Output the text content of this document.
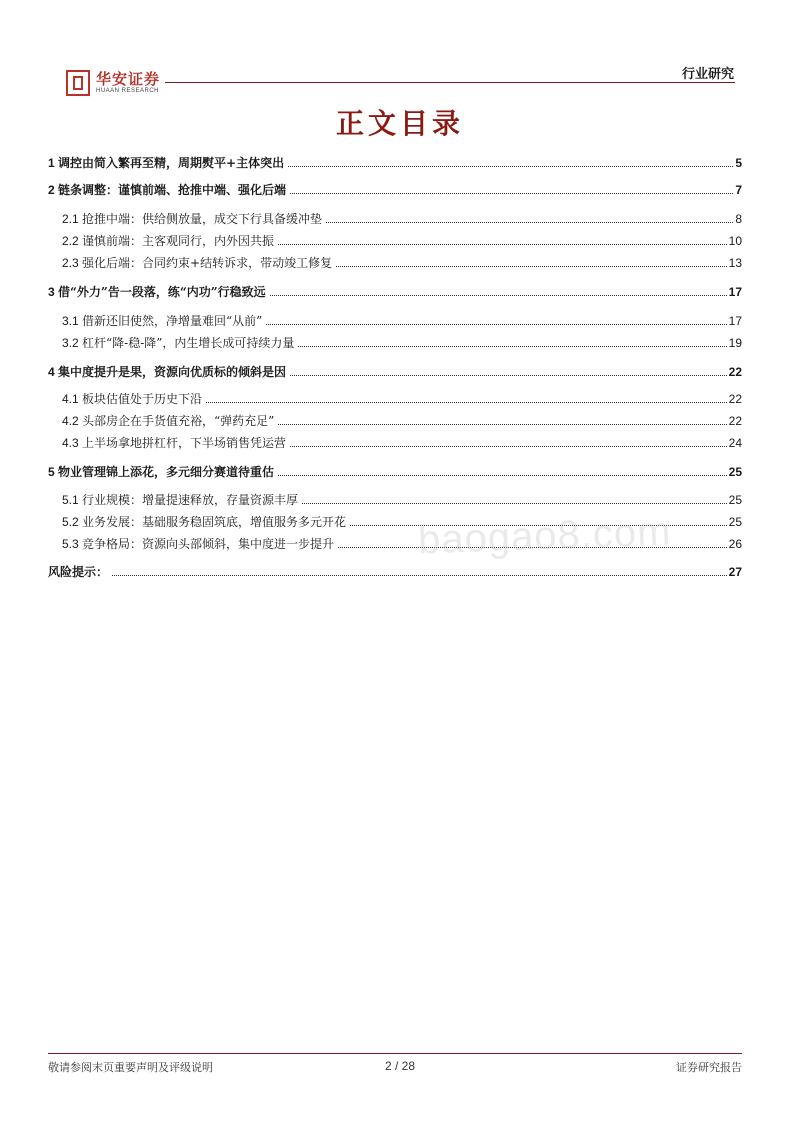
华安证券
HUAAN RESEARCH
行业研究
正文目录
1 调控由简入繁再至精，周期熨平+主体突出	5
2 链条调整：谨慎前端、抢推中端、强化后端	7
2.1 抢推中端：供给侧放量，成交下行具备缓冲垫	8
2.2 谨慎前端：主客观同行，内外因共振	10
2.3 强化后端：合同约束+结转诉求，带动竣工修复	13
3 借“外力”告一段落，练“内功”行稳致远	17
3.1 借新还旧使然，净增量难回“从前”	17
3.2 杠杆“降-稳-降”，内生增长成可持续力量	19
4 集中度提升是果，资源向优质标的倾斜是因	22
4.1 板块估值处于历史下沿	22
4.2 头部房企在手货值充裕，“弹药充足”	22
4.3 上半场拿地拼杠杆，下半场销售凭运营	24
5 物业管理锦上添花，多元细分赛道待重估	25
5.1 行业规模：增量提速释放，存量资源丰厚	25
5.2 业务发展：基础服务稳固筑底，增值服务多元开花	25
5.3 竞争格局：资源向头部倾斜，集中度进一步提升	26
风险提示：	27
baogao8.com
敬请参阅末页重要声明及评级说明	2 / 28	证券研究报告
